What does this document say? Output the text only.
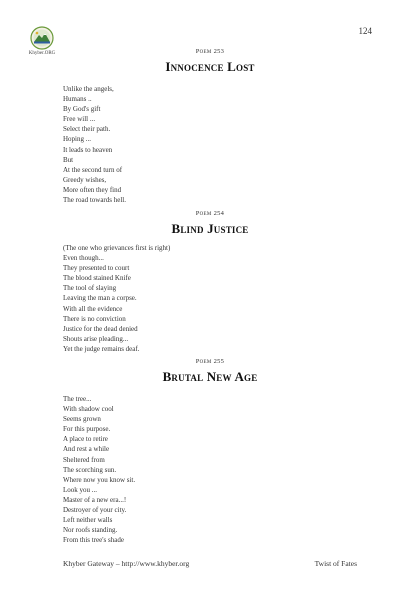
124
Khyber.ORG	Poem 253
Innocence Lost
Unlike the angels,
Humans ..
By God's gift
Free will ...
Select their path.
Hoping ...
It leads to heaven
But
At the second turn of
Greedy wishes,
More often they find
The road towards hell.
Poem 254
Blind Justice
(The one who grievances first is right)
Even though...
They presented to court
The blood stained Knife
The tool of slaying
Leaving the man a corpse.
With all the evidence
There is no conviction
Justice for the dead denied
Shouts arise pleading...
Yet the judge remains deaf.
Poem 255
Brutal New Age
The tree...
With shadow cool
Seems grown
For this purpose.
A place to retire
And rest a while
Sheltered from
The scorching sun.
Where now you know sit.
Look you ...
Master of a new era...!
Destroyer of your city.
Left neither walls
Nor roofs standing.
From this tree's shade
Khyber Gateway – http://www.khyber.org	Twist of Fates
